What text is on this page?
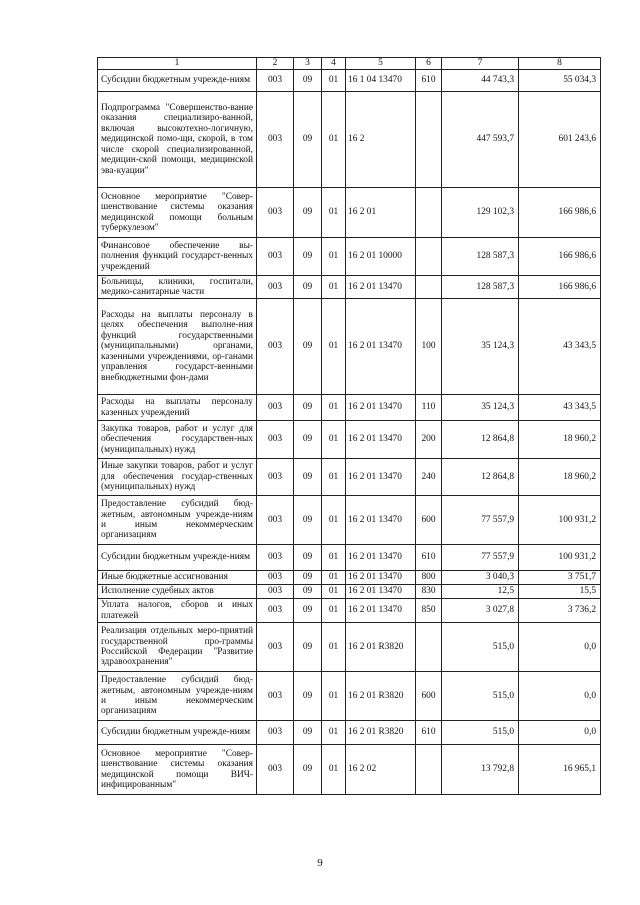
1	2	3	4	5	6	7	8
Субсидии бюджетным учрежде-ниям	003	09	01	16 1 04 13470	610	44 743,3	55 034,3
Подпрограмма "Совершенство-вание оказания специализиро-ванной, включая высокотехно-логичную, медицинской помо-щи, скорой, в том числе скорой специализированной, медицин-ской помощи, медицинской эва-куации"	003	09	01	16 2		447 593,7	601 243,6
Основное мероприятие "Совер-шенствование системы оказания медицинской помощи больным туберкулезом"	003	09	01	16 2 01		129 102,3	166 986,6
Финансовое обеспечение вы-полнения функций государст-венных учреждений	003	09	01	16 2 01 10000		128 587,3	166 986,6
Больницы, клиники, госпитали, медико-санитарные части	003	09	01	16 2 01 13470		128 587,3	166 986,6
Расходы на выплаты персоналу в целях обеспечения выполне-ния функций государственными (муниципальными) органами, казенными учреждениями, ор-ганами управления государст-венными внебюджетными фон-дами	003	09	01	16 2 01 13470	100	35 124,3	43 343,5
Расходы на выплаты персоналу казенных учреждений	003	09	01	16 2 01 13470	110	35 124,3	43 343,5
Закупка товаров, работ и услуг для обеспечения государствен-ных (муниципальных) нужд	003	09	01	16 2 01 13470	200	12 864,8	18 960,2
Иные закупки товаров, работ и услуг для обеспечения государ-ственных (муниципальных) нужд	003	09	01	16 2 01 13470	240	12 864,8	18 960,2
Предоставление субсидий бюд-жетным, автономным учрежде-ниям и иным некоммерческим организациям	003	09	01	16 2 01 13470	600	77 557,9	100 931,2
Субсидии бюджетным учрежде-ниям	003	09	01	16 2 01 13470	610	77 557,9	100 931,2
Иные бюджетные ассигнования	003	09	01	16 2 01 13470	800	3 040,3	3 751,7
Исполнение судебных актов	003	09	01	16 2 01 13470	830	12,5	15,5
Уплата налогов, сборов и иных платежей	003	09	01	16 2 01 13470	850	3 027,8	3 736,2
Реализация отдельных меро-приятий государственной про-граммы Российской Федерации "Развитие здравоохранения"	003	09	01	16 2 01 R3820		515,0	0,0
Предоставление субсидий бюд-жетным, автономным учрежде-ниям и иным некоммерческим организациям	003	09	01	16 2 01 R3820	600	515,0	0,0
Субсидии бюджетным учрежде-ниям	003	09	01	16 2 01 R3820	610	515,0	0,0
Основное мероприятие "Совер-шенствование системы оказания медицинской помощи ВИЧ-инфицированным"	003	09	01	16 2 02		13 792,8	16 965,1
9
